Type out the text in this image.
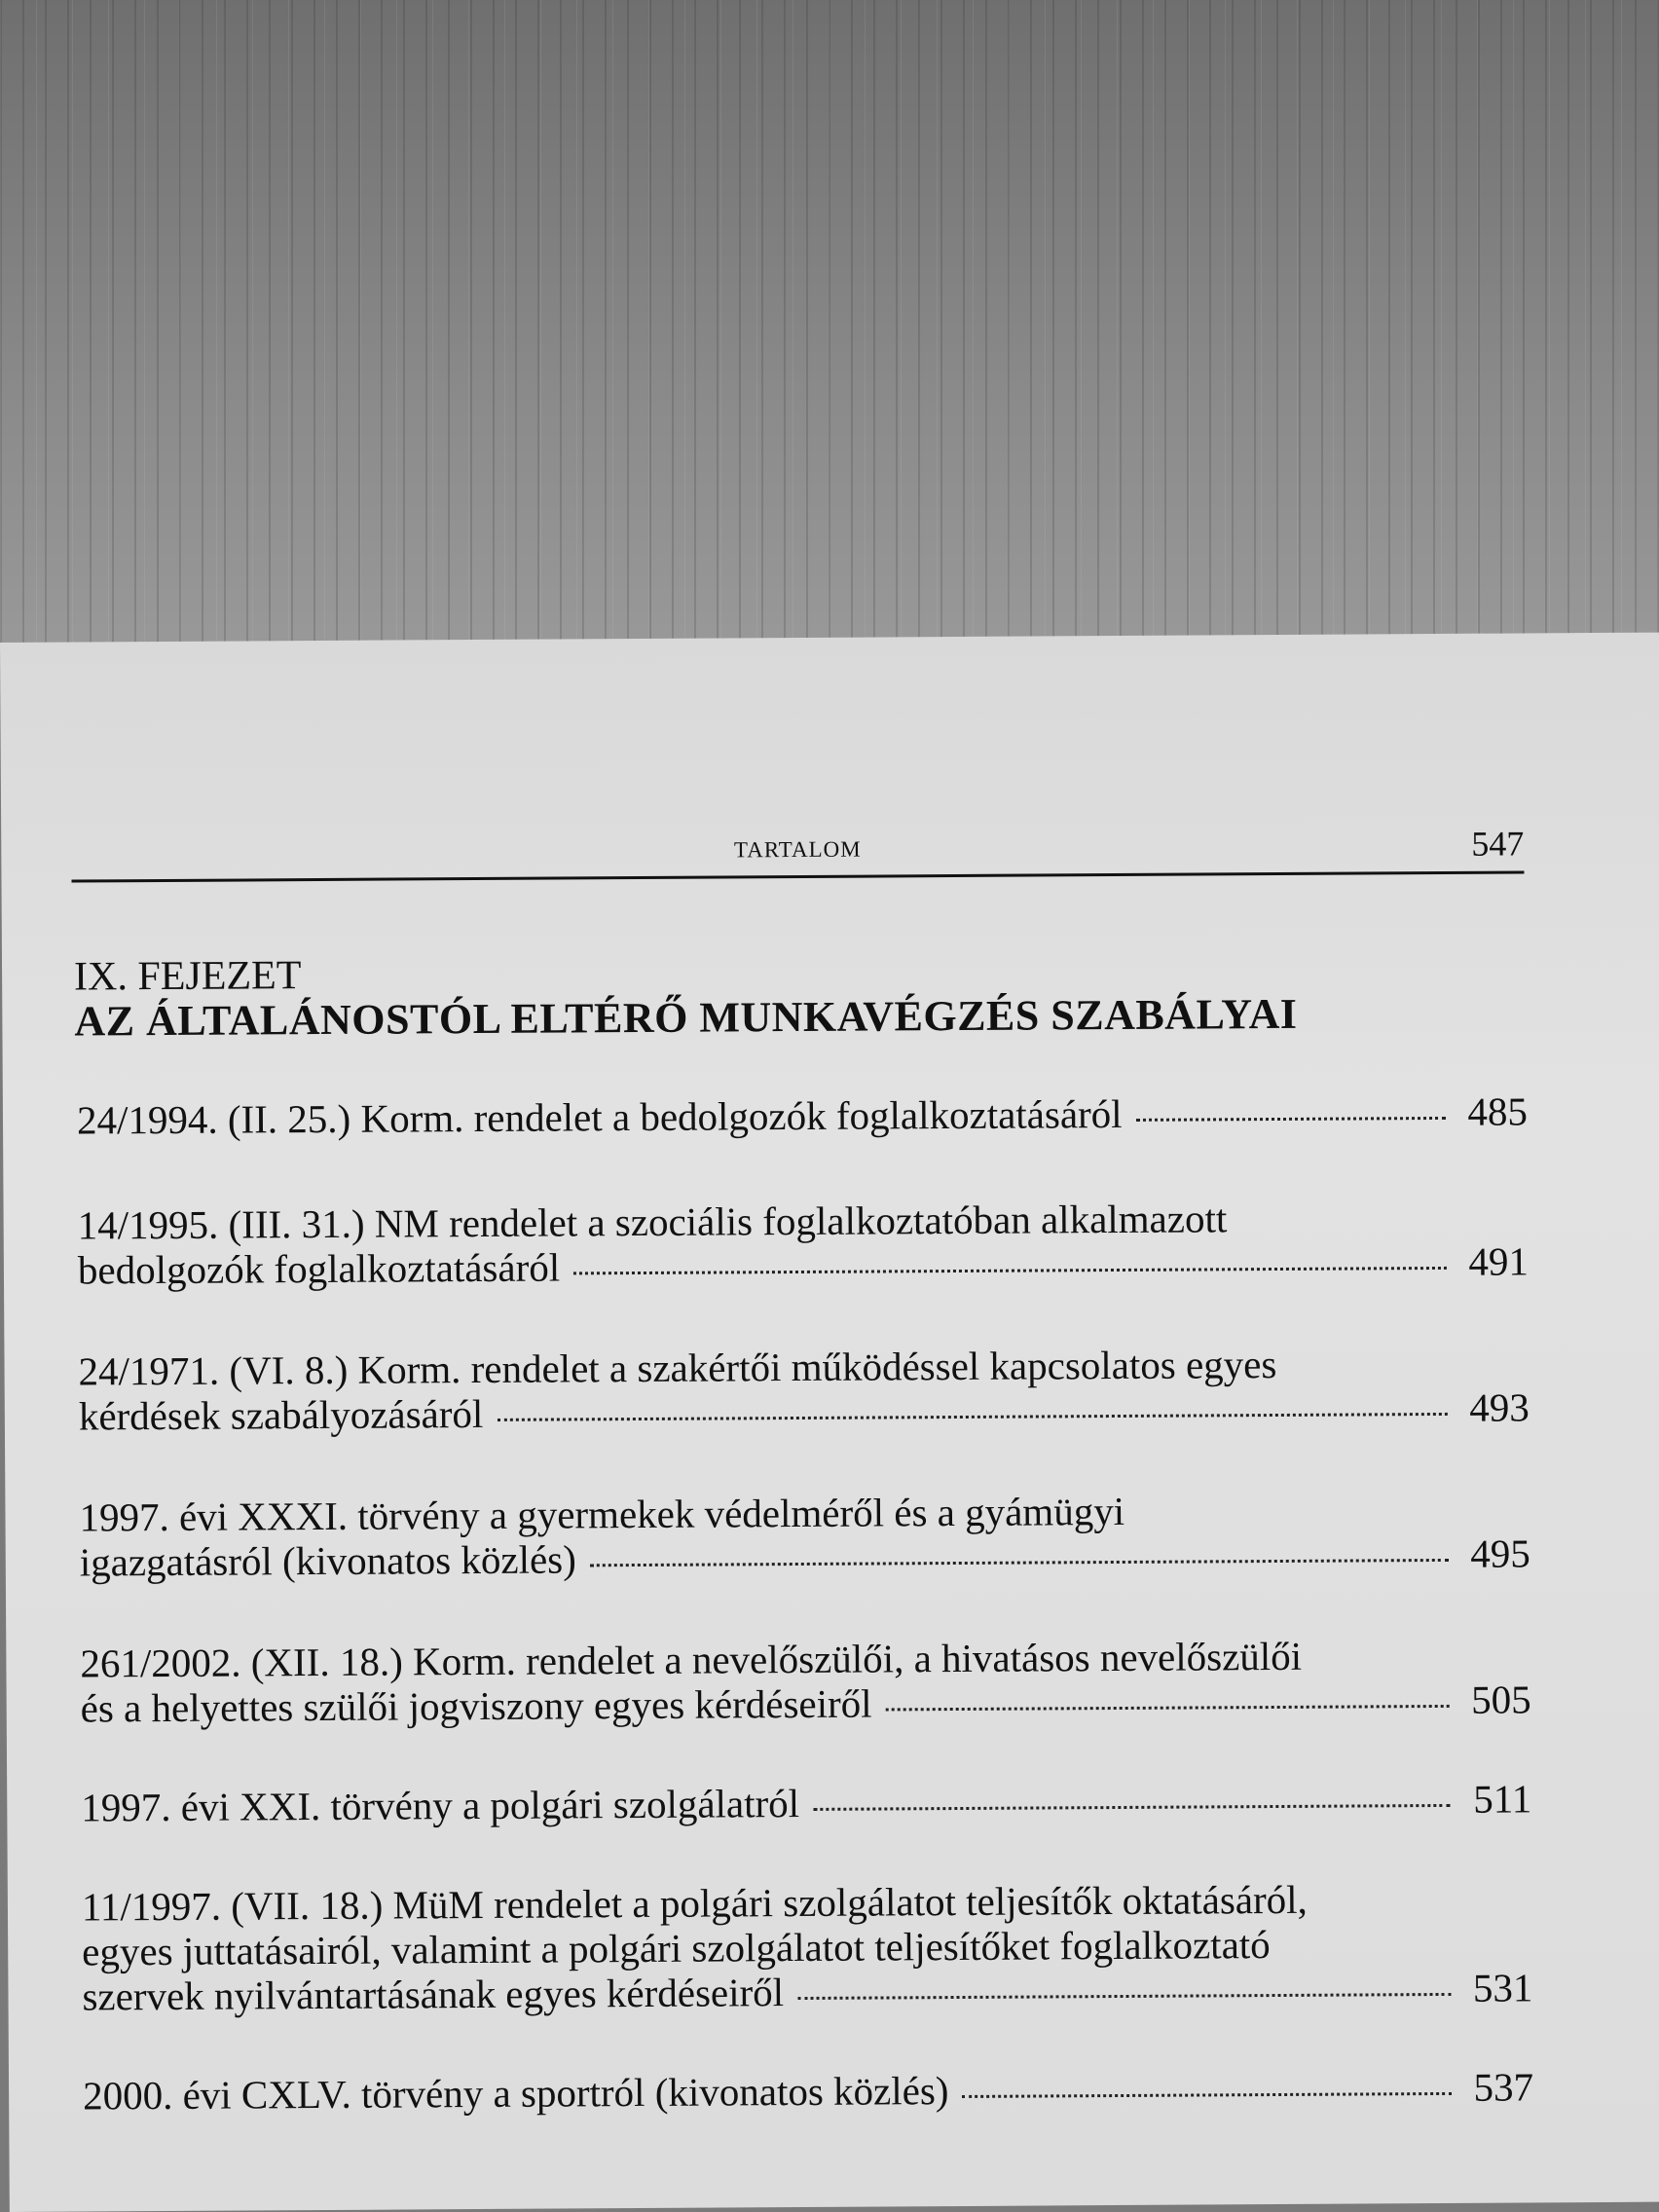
TARTALOM	547
IX. FEJEZET
AZ ÁLTALÁNOSTÓL ELTÉRŐ MUNKAVÉGZÉS SZABÁLYAI
24/1994. (II. 25.) Korm. rendelet a bedolgozók foglalkoztatásáról	485
14/1995. (III. 31.) NM rendelet a szociális foglalkoztatóban alkalmazott
bedolgozók foglalkoztatásáról	491
24/1971. (VI. 8.) Korm. rendelet a szakértői működéssel kapcsolatos egyes
kérdések szabályozásáról	493
1997. évi XXXI. törvény a gyermekek védelméről és a gyámügyi
igazgatásról (kivonatos közlés)	495
261/2002. (XII. 18.) Korm. rendelet a nevelőszülői, a hivatásos nevelőszülői
és a helyettes szülői jogviszony egyes kérdéseiről	505
1997. évi XXI. törvény a polgári szolgálatról	511
11/1997. (VII. 18.) MüM rendelet a polgári szolgálatot teljesítők oktatásáról,
egyes juttatásairól, valamint a polgári szolgálatot teljesítőket foglalkoztató
szervek nyilvántartásának egyes kérdéseiről	531
2000. évi CXLV. törvény a sportról (kivonatos közlés)	537
